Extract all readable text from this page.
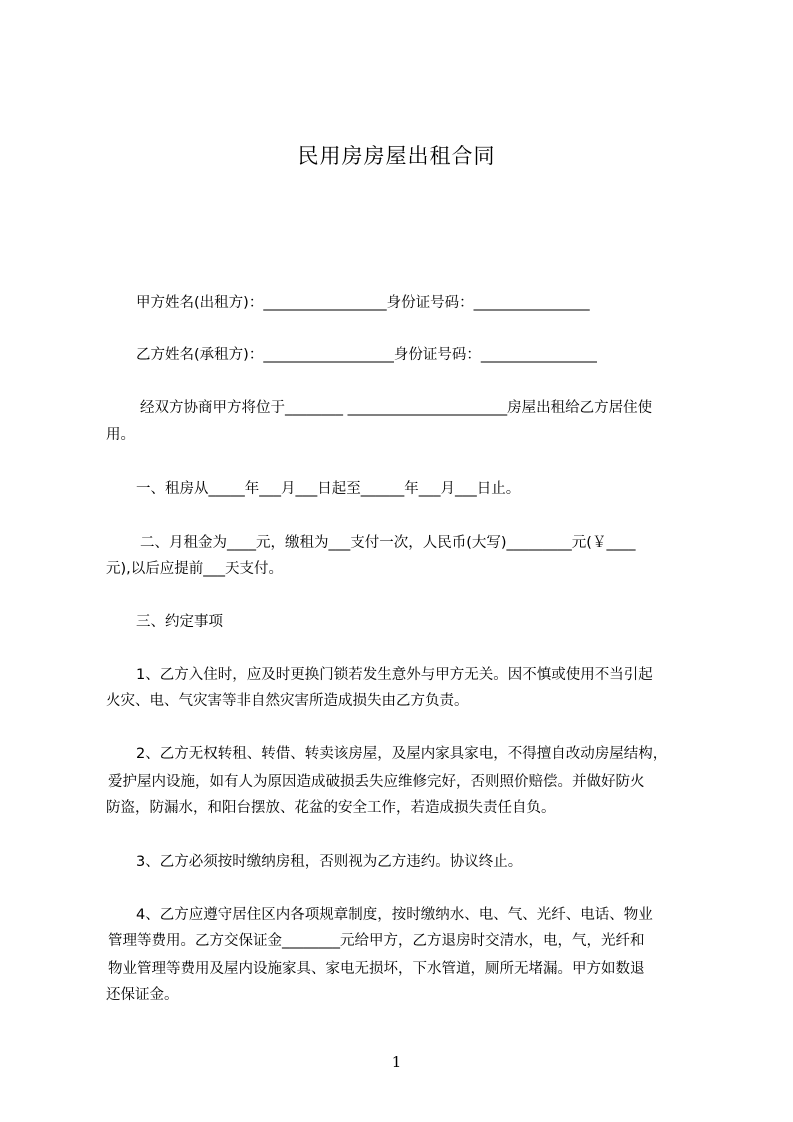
民用房房屋出租合同
甲方姓名(出租方)：_________________身份证号码：________________
乙方姓名(承租方)：__________________身份证号码：________________
经双方协商甲方将位于________ ______________________房屋出租给乙方居住使
用。
一、租房从_____年___月___日起至______年___月___日止。
二、月租金为____元，缴租为___支付一次，人民币(大写)_________元(￥____
元),以后应提前___天支付。
三、约定事项
1、乙方入住时，应及时更换门锁若发生意外与甲方无关。因不慎或使用不当引起
火灾、电、气灾害等非自然灾害所造成损失由乙方负责。
2、乙方无权转租、转借、转卖该房屋，及屋内家具家电，不得擅自改动房屋结构，
爱护屋内设施，如有人为原因造成破损丢失应维修完好，否则照价赔偿。并做好防火
防盗，防漏水，和阳台摆放、花盆的安全工作，若造成损失责任自负。
3、乙方必须按时缴纳房租，否则视为乙方违约。协议终止。
4、乙方应遵守居住区内各项规章制度，按时缴纳水、电、气、光纤、电话、物业
管理等费用。乙方交保证金________元给甲方，乙方退房时交清水，电，气，光纤和
物业管理等费用及屋内设施家具、家电无损坏，下水管道，厕所无堵漏。甲方如数退
还保证金。
1
